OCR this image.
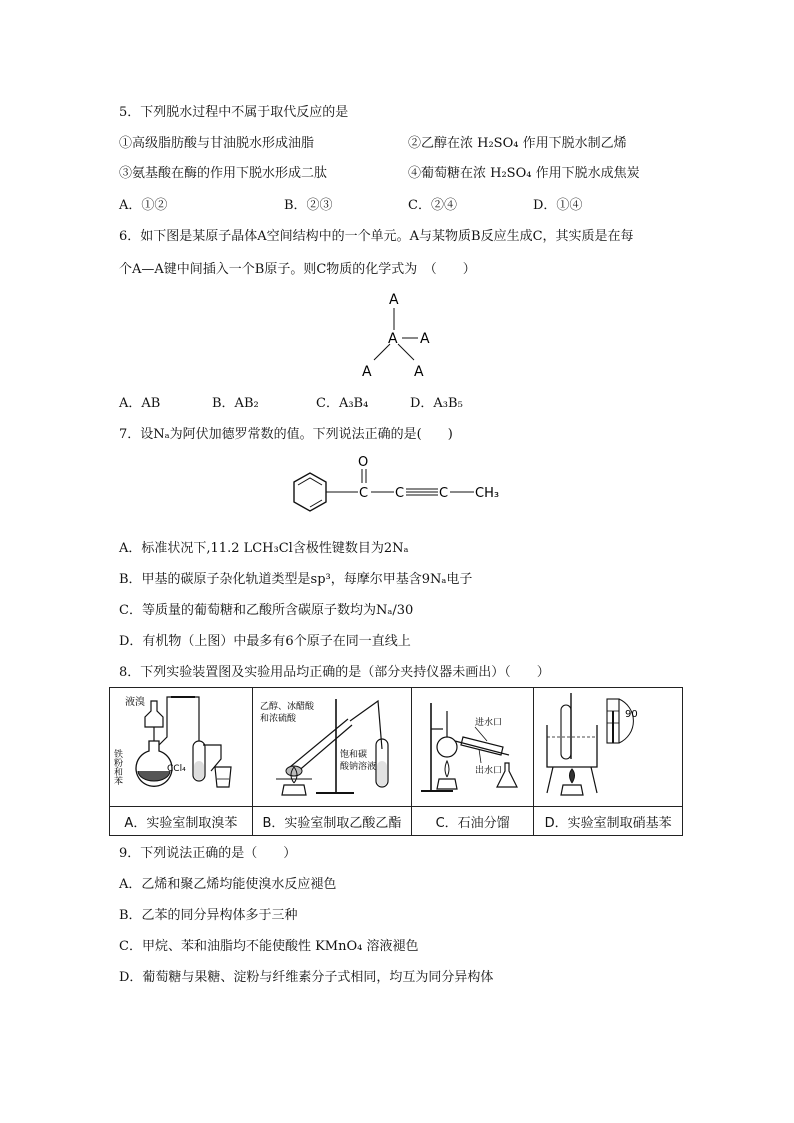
5．下列脱水过程中不属于取代反应的是
①高级脂肪酸与甘油脱水形成油脂	②乙醇在浓 H₂SO₄ 作用下脱水制乙烯
③氨基酸在酶的作用下脱水形成二肽	④葡萄糖在浓 H₂SO₄ 作用下脱水成焦炭
A．①②	B．②③	C．②④	D．①④
6．如下图是某原子晶体A空间结构中的一个单元。A与某物质B反应生成C，其实质是在每
个A—A键中间插入一个B原子。则C物质的化学式为　（　　）
A
A A
A	A
A．AB	B．AB₂	C．A₃B₄	D．A₃B₅
7．设Nₐ为阿伏加德罗常数的值。下列说法正确的是(　　)
C
O
C	C CH₃
A．标准状况下,11.2 LCH₃Cl含极性键数目为2Nₐ
B．甲基的碳原子杂化轨道类型是sp³，每摩尔甲基含9Nₐ电子
C．等质量的葡萄糖和乙酸所含碳原子数均为Nₐ/30
D．有机物（上图）中最多有6个原子在同一直线上
8．下列实验装置图及实验用品均正确的是（部分夹持仪器未画出）（　　）
液溴
铁粉和苯 CCl₄	乙醇、冰醋酸
和浓硫酸
饱和碳
酸钠溶液	进水口
出水口	90

A．实验室制取溴苯	B．实验室制取乙酸乙酯	C．石油分馏	D．实验室制取硝基苯
9．下列说法正确的是（　　）
A．乙烯和聚乙烯均能使溴水反应褪色
B．乙苯的同分异构体多于三种
C．甲烷、苯和油脂均不能使酸性 KMnO₄ 溶液褪色
D．葡萄糖与果糖、淀粉与纤维素分子式相同，均互为同分异构体
